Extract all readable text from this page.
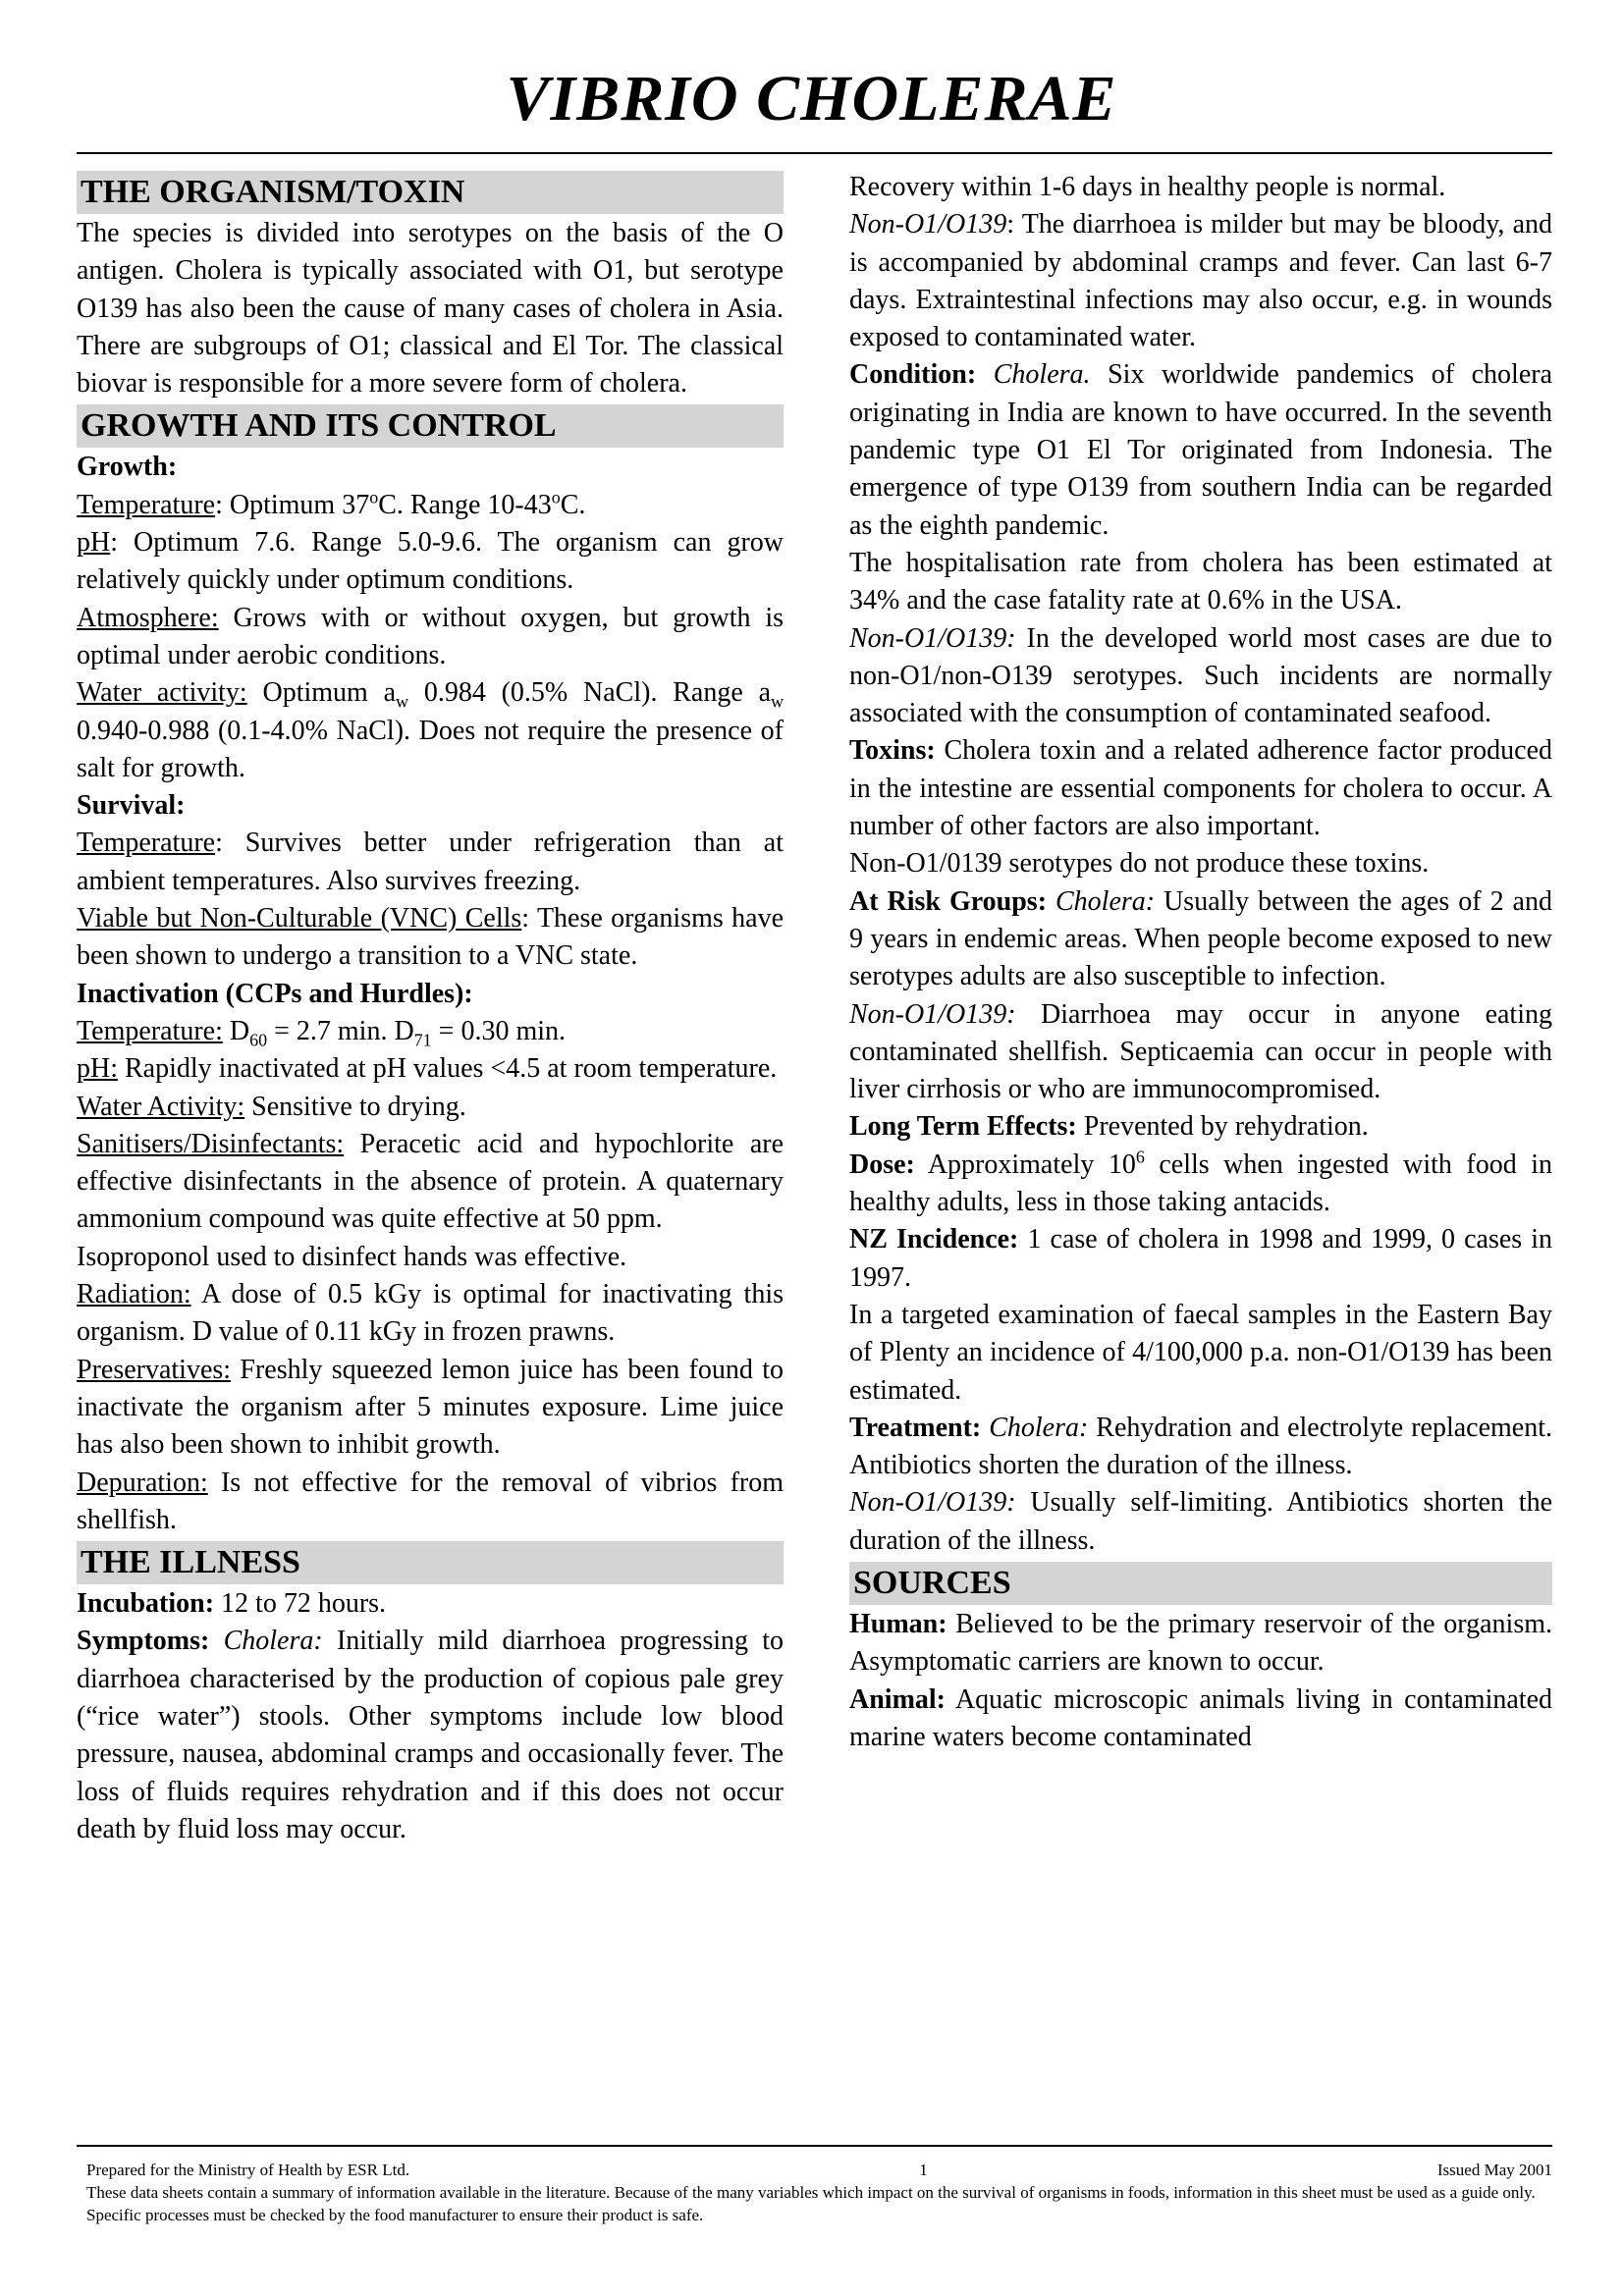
VIBRIO CHOLERAE
THE ORGANISM/TOXIN

The species is divided into serotypes on the basis of the O antigen. Cholera is typically associated with O1, but serotype O139 has also been the cause of many cases of cholera in Asia. There are subgroups of O1; classical and El Tor. The classical biovar is responsible for a more severe form of cholera.

GROWTH AND ITS CONTROL

Growth:

Temperature: Optimum 37$^o$C. Range 10-43$^o$C.

pH: Optimum 7.6. Range 5.0-9.6. The organism can grow relatively quickly under optimum conditions.

Atmosphere: Grows with or without oxygen, but growth is optimal under aerobic conditions.

Water activity: Optimum $a_w$ 0.984 (0.5% NaCl). Range $a_w$ 0.940-0.988 (0.1-4.0% NaCl). Does not require the presence of salt for growth.

Survival:

Temperature: Survives better under refrigeration than at ambient temperatures. Also survives freezing.

Viable but Non-Culturable (VNC) Cells: These organisms have been shown to undergo a transition to a VNC state.

Inactivation (CCPs and Hurdles):

Temperature: $D_{60} = 2.7$ min. $D_{71} = 0.30$ min.

pH: Rapidly inactivated at pH values <4.5 at room temperature.

Water Activity: Sensitive to drying.

Sanitisers/Disinfectants: Peracetic acid and hypochlorite are effective disinfectants in the absence of protein. A quaternary ammonium compound was quite effective at 50 ppm.

Isoproponol used to disinfect hands was effective.

Radiation: A dose of 0.5 kGy is optimal for inactivating this organism. D value of 0.11 kGy in frozen prawns.

Preservatives: Freshly squeezed lemon juice has been found to inactivate the organism after 5 minutes exposure. Lime juice has also been shown to inhibit growth.

Depuration: Is not effective for the removal of vibrios from shellfish.

THE ILLNESS

Incubation: 12 to 72 hours.

Symptoms: Cholera: Initially mild diarrhoea progressing to diarrhoea characterised by the production of copious pale grey (“rice water”) stools. Other symptoms include low blood pressure, nausea, abdominal cramps and occasionally fever. The loss of fluids requires rehydration and if this does not occur death by fluid loss may occur.

Recovery within 1-6 days in healthy people is normal.

Non-O1/O139: The diarrhoea is milder but may be bloody, and is accompanied by abdominal cramps and fever. Can last 6-7 days. Extraintestinal infections may also occur, e.g. in wounds exposed to contaminated water.

Condition: Cholera. Six worldwide pandemics of cholera originating in India are known to have occurred. In the seventh pandemic type O1 El Tor originated from Indonesia. The emergence of type O139 from southern India can be regarded as the eighth pandemic.

The hospitalisation rate from cholera has been estimated at 34% and the case fatality rate at 0.6% in the USA.

Non-O1/O139: In the developed world most cases are due to non-O1/non-O139 serotypes. Such incidents are normally associated with the consumption of contaminated seafood.

Toxins: Cholera toxin and a related adherence factor produced in the intestine are essential components for cholera to occur. A number of other factors are also important.

Non-O1/0139 serotypes do not produce these toxins.

At Risk Groups: Cholera: Usually between the ages of 2 and 9 years in endemic areas. When people become exposed to new serotypes adults are also susceptible to infection.

Non-O1/O139: Diarrhoea may occur in anyone eating contaminated shellfish. Septicaemia can occur in people with liver cirrhosis or who are immunocompromised.

Long Term Effects: Prevented by rehydration.

Dose: Approximately $10^6$ cells when ingested with food in healthy adults, less in those taking antacids.

NZ Incidence: 1 case of cholera in 1998 and 1999, 0 cases in 1997.

In a targeted examination of faecal samples in the Eastern Bay of Plenty an incidence of 4/100,000 p.a. non-O1/O139 has been estimated.

Treatment: Cholera: Rehydration and electrolyte replacement. Antibiotics shorten the duration of the illness.

Non-O1/O139: Usually self-limiting. Antibiotics shorten the duration of the illness.

SOURCES

Human: Believed to be the primary reservoir of the organism. Asymptomatic carriers are known to occur.

Animal: Aquatic microscopic animals living in contaminated marine waters become contaminated

Prepared for the Ministry of Health by ESR Ltd.	1	Issued May 2001
These data sheets contain a summary of information available in the literature. Because of the many variables which impact on the survival of organisms in foods, information in this sheet must be used as a guide only. Specific processes must be checked by the food manufacturer to ensure their product is safe.
